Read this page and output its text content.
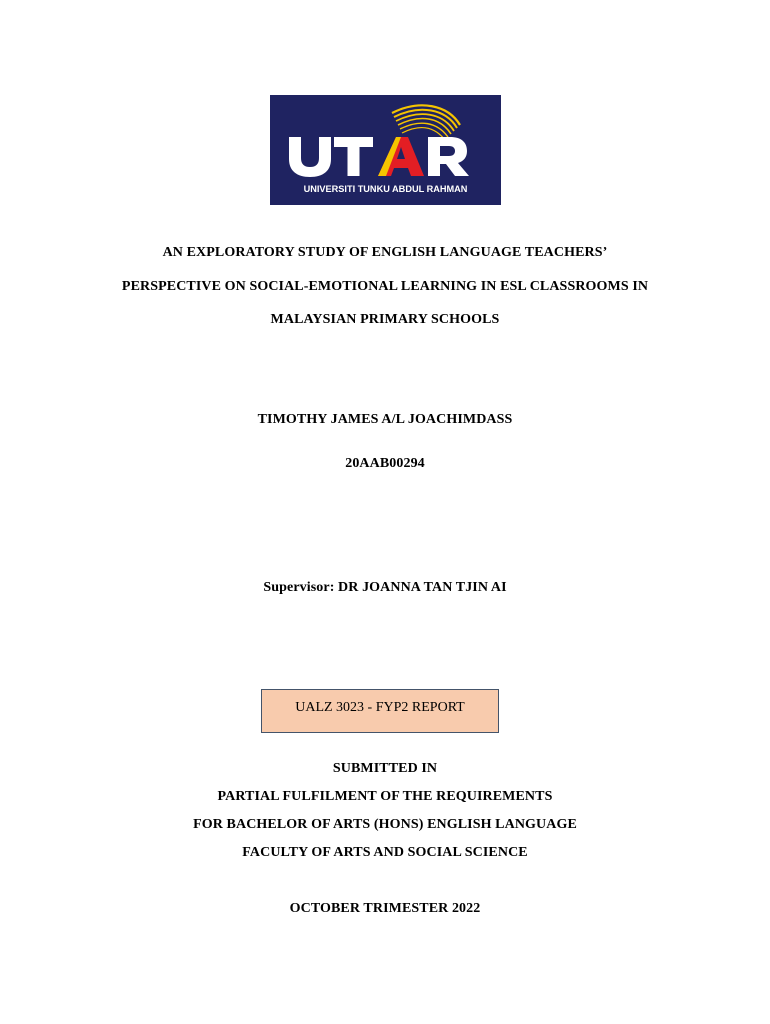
UNIVERSITI TUNKU ABDUL RAHMAN
AN EXPLORATORY STUDY OF ENGLISH LANGUAGE TEACHERS’
PERSPECTIVE ON SOCIAL-EMOTIONAL LEARNING IN ESL CLASSROOMS IN
MALAYSIAN PRIMARY SCHOOLS
TIMOTHY JAMES A/L JOACHIMDASS
20AAB00294
Supervisor: DR JOANNA TAN TJIN AI
UALZ 3023 - FYP2 REPORT
SUBMITTED IN
PARTIAL FULFILMENT OF THE REQUIREMENTS
FOR BACHELOR OF ARTS (HONS) ENGLISH LANGUAGE
FACULTY OF ARTS AND SOCIAL SCIENCE
OCTOBER TRIMESTER 2022
